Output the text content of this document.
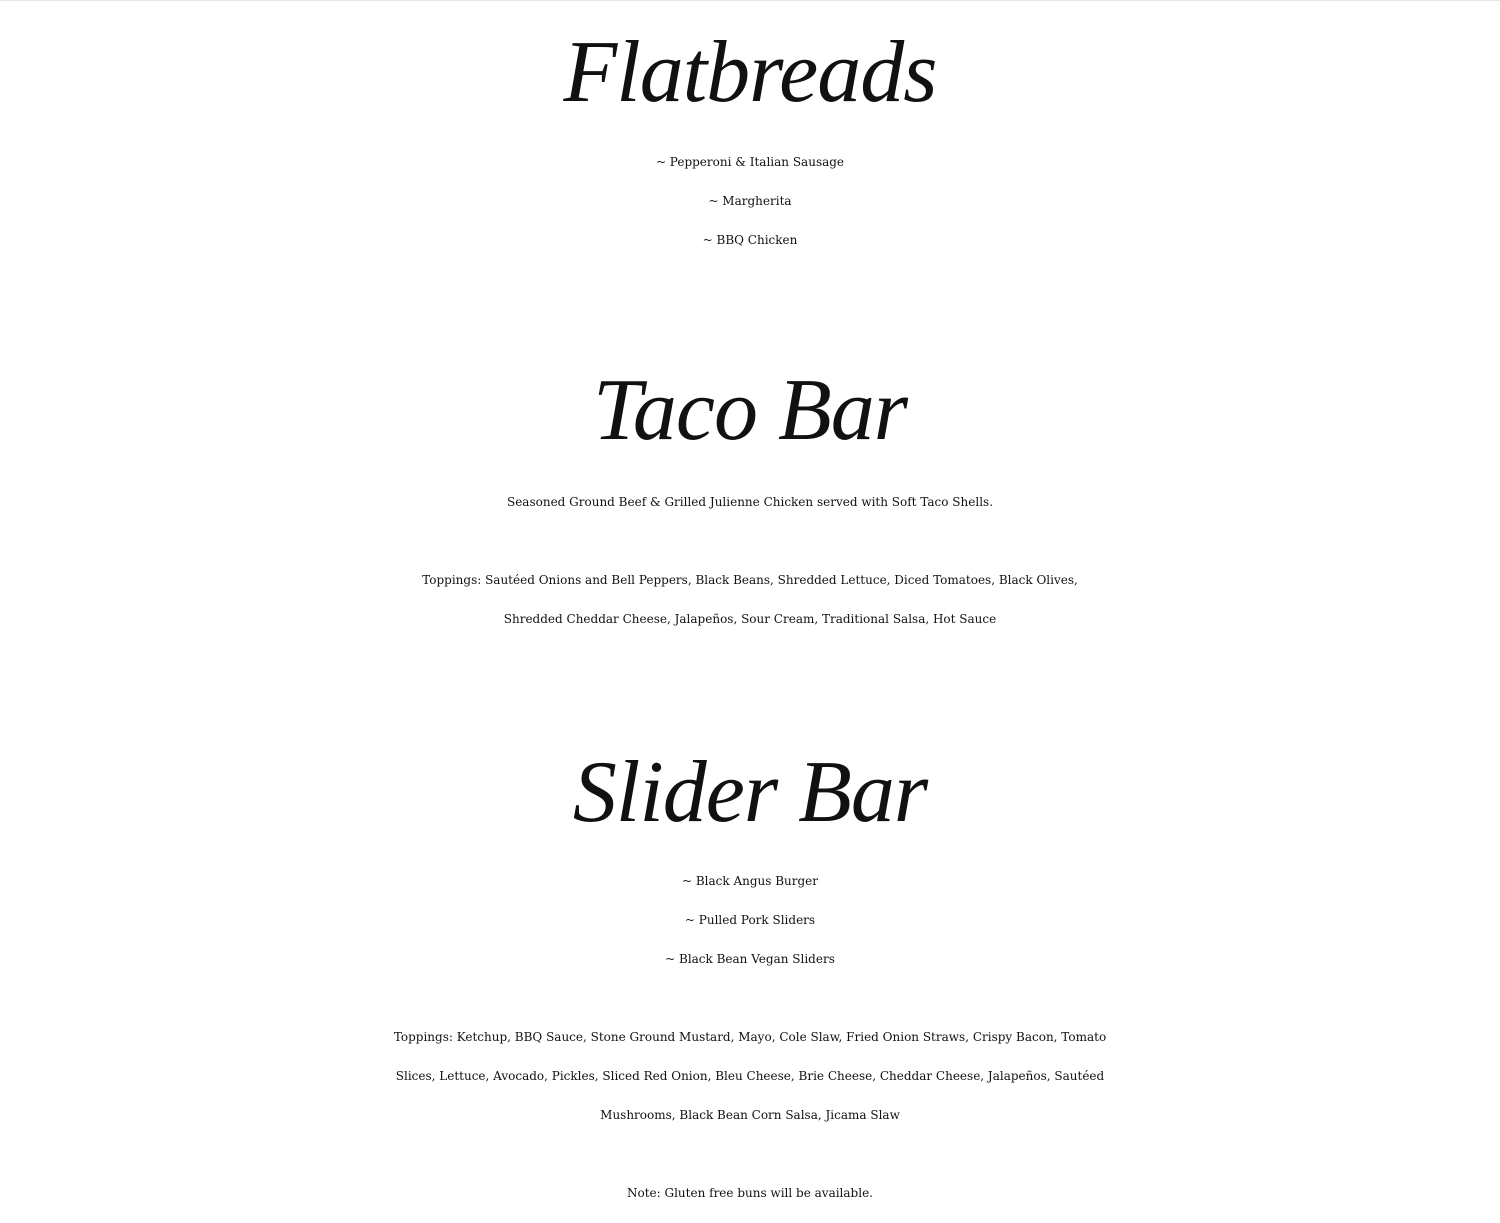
Flatbreads
~ Pepperoni & Italian Sausage
~ Margherita
~ BBQ Chicken
Taco Bar

Seasoned Ground Beef & Grilled Julienne Chicken served with Soft Taco Shells.

Toppings: Sautéed Onions and Bell Peppers, Black Beans, Shredded Lettuce, Diced Tomatoes, Black Olives,
Shredded Cheddar Cheese, Jalapeños, Sour Cream, Traditional Salsa, Hot Sauce

Slider Bar
~ Black Angus Burger
~ Pulled Pork Sliders
~ Black Bean Vegan Sliders

Toppings: Ketchup, BBQ Sauce, Stone Ground Mustard, Mayo, Cole Slaw, Fried Onion Straws, Crispy Bacon, Tomato
Slices, Lettuce, Avocado, Pickles, Sliced Red Onion, Bleu Cheese, Brie Cheese, Cheddar Cheese, Jalapeños, Sautéed
Mushrooms, Black Bean Corn Salsa, Jicama Slaw

Note: Gluten free buns will be available.
